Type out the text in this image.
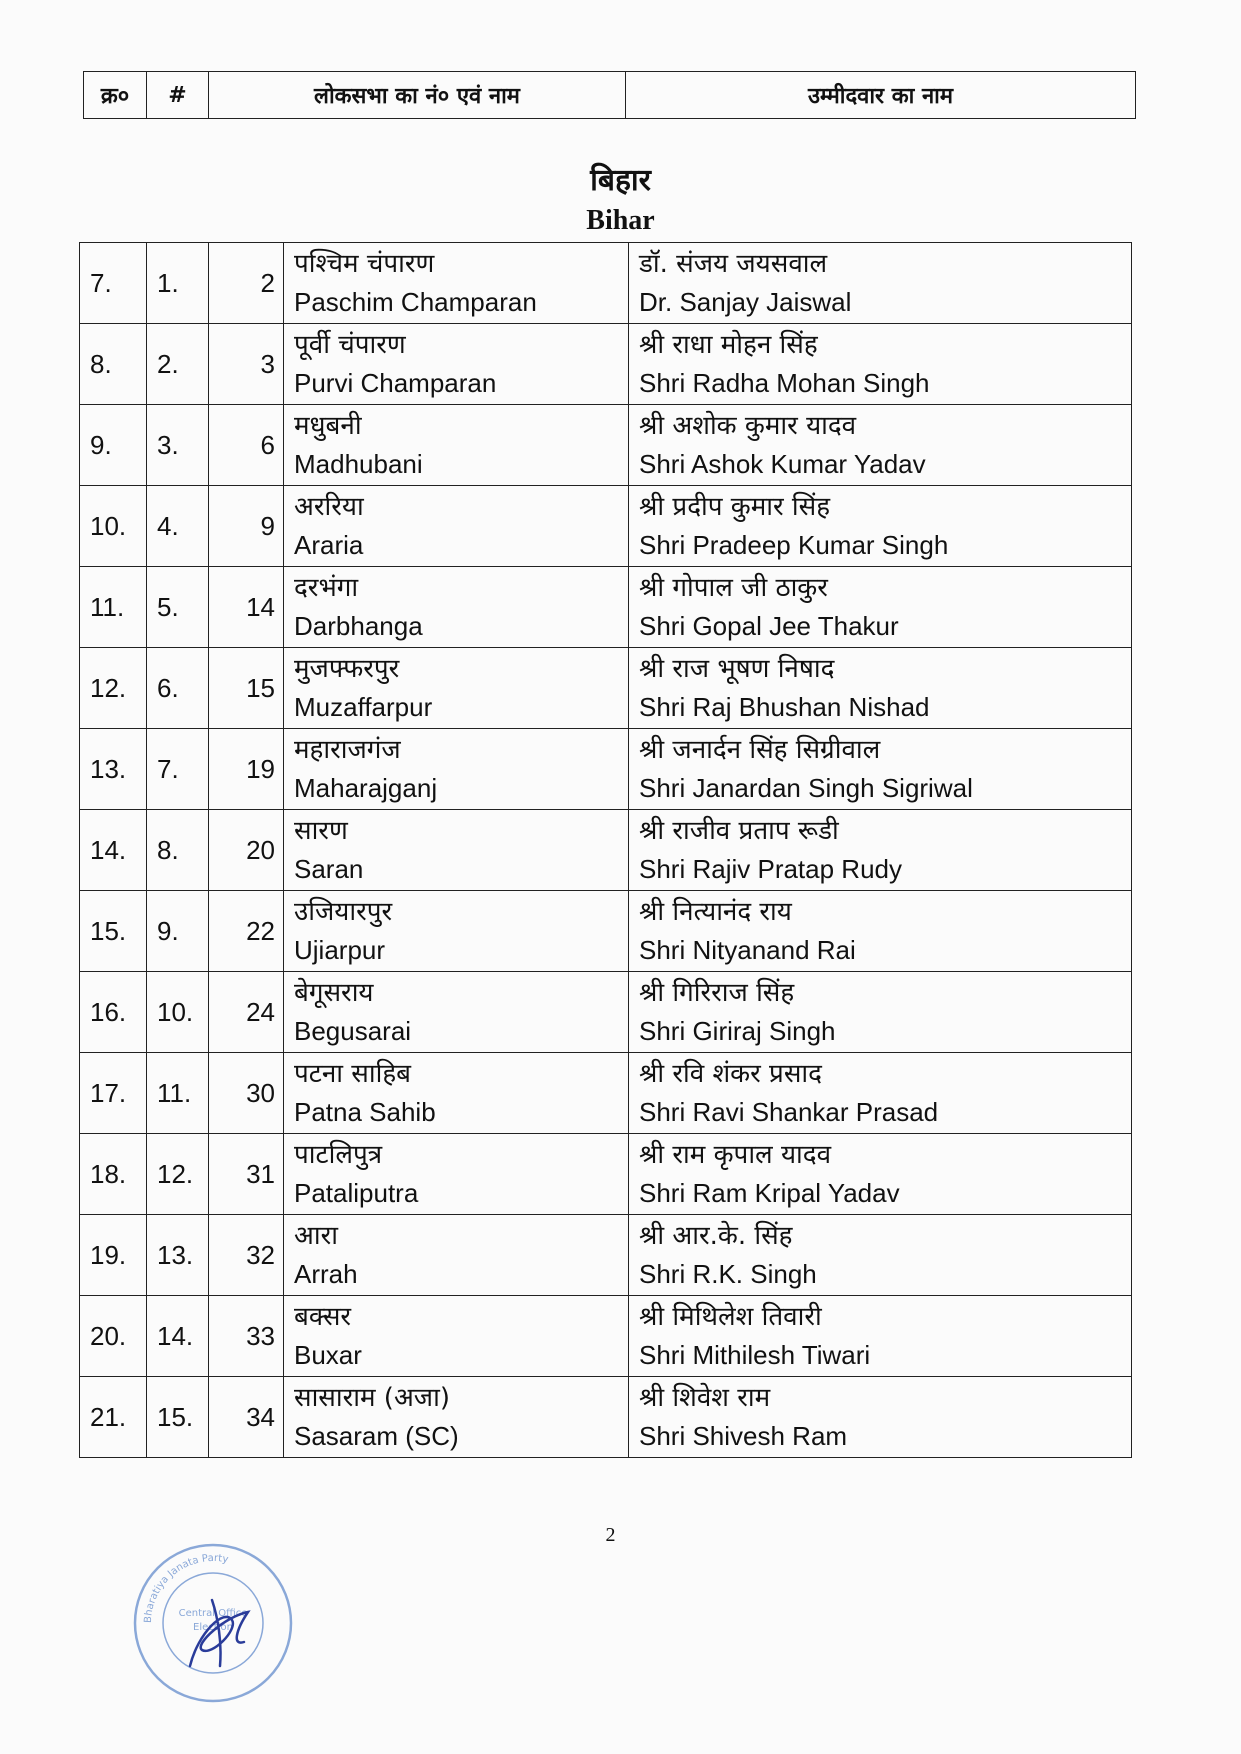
क्र०	#	लोकसभा का नं० एवं नाम	उम्मीदवार का नाम
बिहार
Bihar
7.	1.	2	पश्चिम चंपारण
Paschim Champaran	डॉ. संजय जयसवाल
Dr. Sanjay Jaiswal

8.	2.	3	पूर्वी चंपारण
Purvi Champaran	श्री राधा मोहन सिंह
Shri Radha Mohan Singh

9.	3.	6	मधुबनी
Madhubani	श्री अशोक कुमार यादव
Shri Ashok Kumar Yadav

10.	4.	9	अररिया
Araria	श्री प्रदीप कुमार सिंह
Shri Pradeep Kumar Singh

11.	5.	14	दरभंगा
Darbhanga	श्री गोपाल जी ठाकुर
Shri Gopal Jee Thakur

12.	6.	15	मुजफ्फरपुर
Muzaffarpur	श्री राज भूषण निषाद
Shri Raj Bhushan Nishad

13.	7.	19	महाराजगंज
Maharajganj	श्री जनार्दन सिंह सिग्रीवाल
Shri Janardan Singh Sigriwal

14.	8.	20	सारण
Saran	श्री राजीव प्रताप रूडी
Shri Rajiv Pratap Rudy

15.	9.	22	उजियारपुर
Ujiarpur	श्री नित्यानंद राय
Shri Nityanand Rai

16.	10.	24	बेगूसराय
Begusarai	श्री गिरिराज सिंह
Shri Giriraj Singh

17.	11.	30	पटना साहिब
Patna Sahib	श्री रवि शंकर प्रसाद
Shri Ravi Shankar Prasad

18.	12.	31	पाटलिपुत्र
Pataliputra	श्री राम कृपाल यादव
Shri Ram Kripal Yadav

19.	13.	32	आरा
Arrah	श्री आर.के. सिंह
Shri R.K. Singh

20.	14.	33	बक्सर
Buxar	श्री मिथिलेश तिवारी
Shri Mithilesh Tiwari

21.	15.	34	सासाराम (अजा)
Sasaram (SC)	श्री शिवेश राम
Shri Shivesh Ram
2
Bharatiya Janata Party
Central Office
Election
